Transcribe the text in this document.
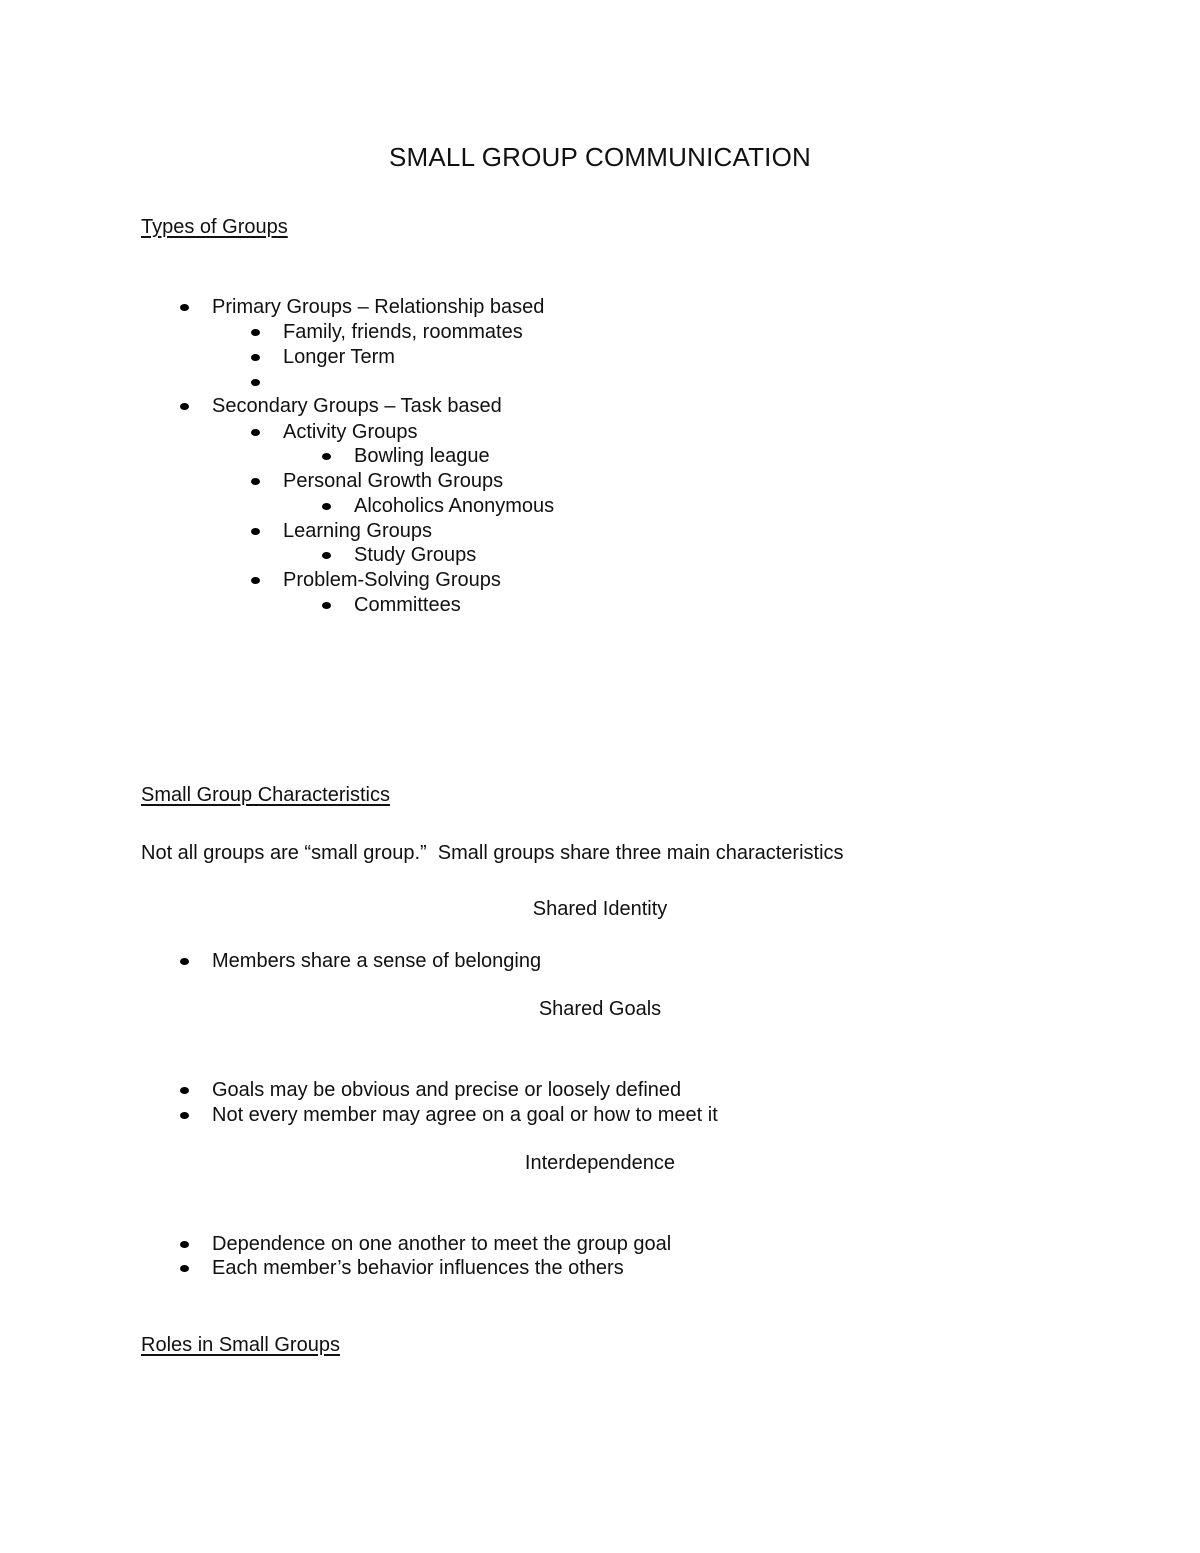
SMALL GROUP COMMUNICATION
Types of Groups
Primary Groups – Relationship based
Family, friends, roommates
Longer Term
Secondary Groups – Task based
Activity Groups
Bowling league
Personal Growth Groups
Alcoholics Anonymous
Learning Groups
Study Groups
Problem-Solving Groups
Committees
Small Group Characteristics
Not all groups are “small group.”  Small groups share three main characteristics
Shared Identity
Members share a sense of belonging
Shared Goals
Goals may be obvious and precise or loosely defined
Not every member may agree on a goal or how to meet it
Interdependence
Dependence on one another to meet the group goal
Each member’s behavior influences the others
Roles in Small Groups
